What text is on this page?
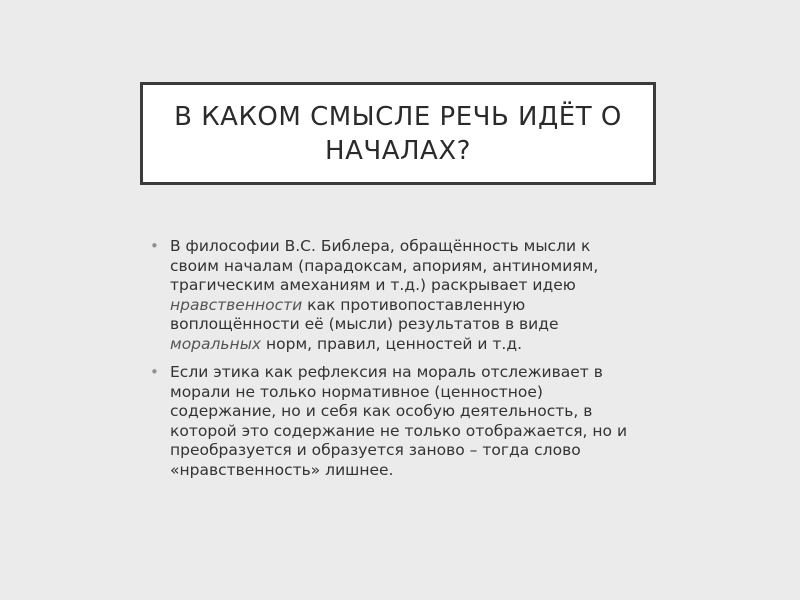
В КАКОМ СМЫСЛЕ РЕЧЬ ИДЁТ О НАЧАЛАХ?

• В философии В.С. Библера, обращённость мысли к своим началам (парадоксам, апориям, антиномиям, трагическим амеханиям и т.д.) раскрывает идею нравственности как противопоставленную воплощённости её (мысли) результатов в виде моральных норм, правил, ценностей и т.д.

• Если этика как рефлексия на мораль отслеживает в морали не только нормативное (ценностное) содержание, но и себя как особую деятельность, в которой это содержание не только отображается, но и преобразуется и образуется заново – тогда слово «нравственность» лишнее.
